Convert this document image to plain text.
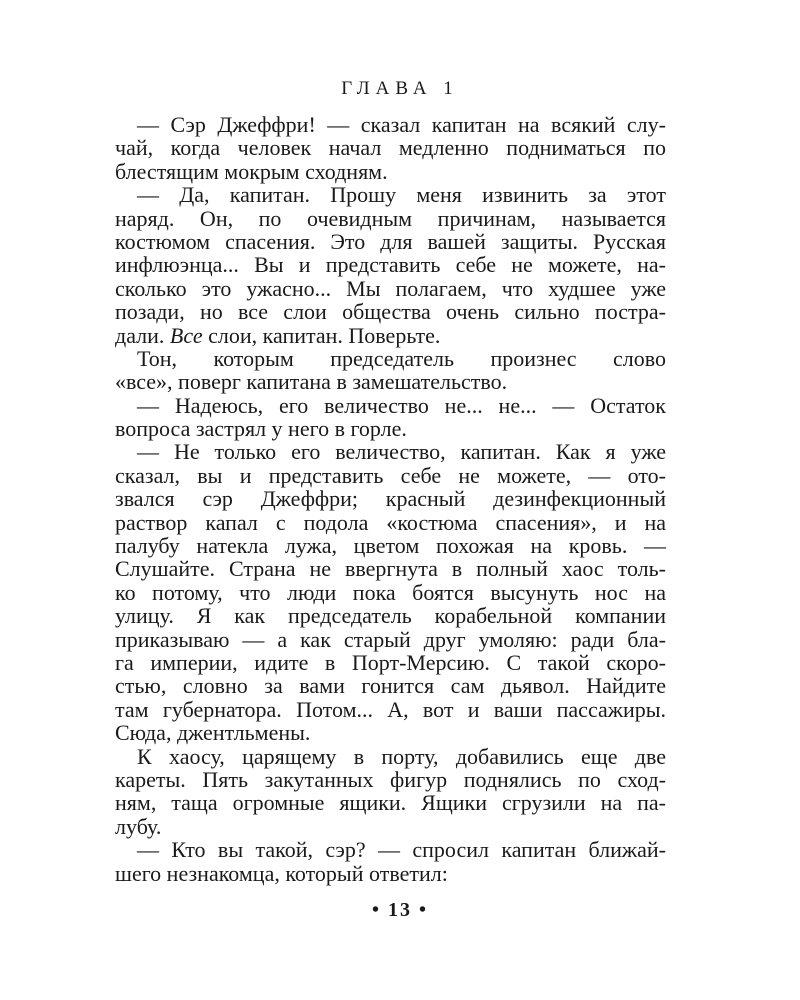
ГЛАВА 1
— Сэр Джеффри! — сказал капитан на всякий слу-
чай, когда человек начал медленно подниматься по
блестящим мокрым сходням.
— Да, капитан. Прошу меня извинить за этот
наряд. Он, по очевидным причинам, называется
костюмом спасения. Это для вашей защиты. Русская
инфлюэнца... Вы и представить себе не можете, на-
сколько это ужасно... Мы полагаем, что худшее уже
позади, но все слои общества очень сильно постра-
дали. Все слои, капитан. Поверьте.
Тон, которым председатель произнес слово
«все», поверг капитана в замешательство.
— Надеюсь, его величество не... не... — Остаток
вопроса застрял у него в горле.
— Не только его величество, капитан. Как я уже
сказал, вы и представить себе не можете, — ото-
звался сэр Джеффри; красный дезинфекционный
раствор капал с подола «костюма спасения», и на
палубу натекла лужа, цветом похожая на кровь. —
Слушайте. Страна не ввергнута в полный хаос толь-
ко потому, что люди пока боятся высунуть нос на
улицу. Я как председатель корабельной компании
приказываю — а как старый друг умоляю: ради бла-
га империи, идите в Порт-Мерсию. С такой скоро-
стью, словно за вами гонится сам дьявол. Найдите
там губернатора. Потом... А, вот и ваши пассажиры.
Сюда, джентльмены.
К хаосу, царящему в порту, добавились еще две
кареты. Пять закутанных фигур поднялись по сход-
ням, таща огромные ящики. Ящики сгрузили на па-
лубу.
— Кто вы такой, сэр? — спросил капитан ближай-
шего незнакомца, который ответил:
• 13 •
